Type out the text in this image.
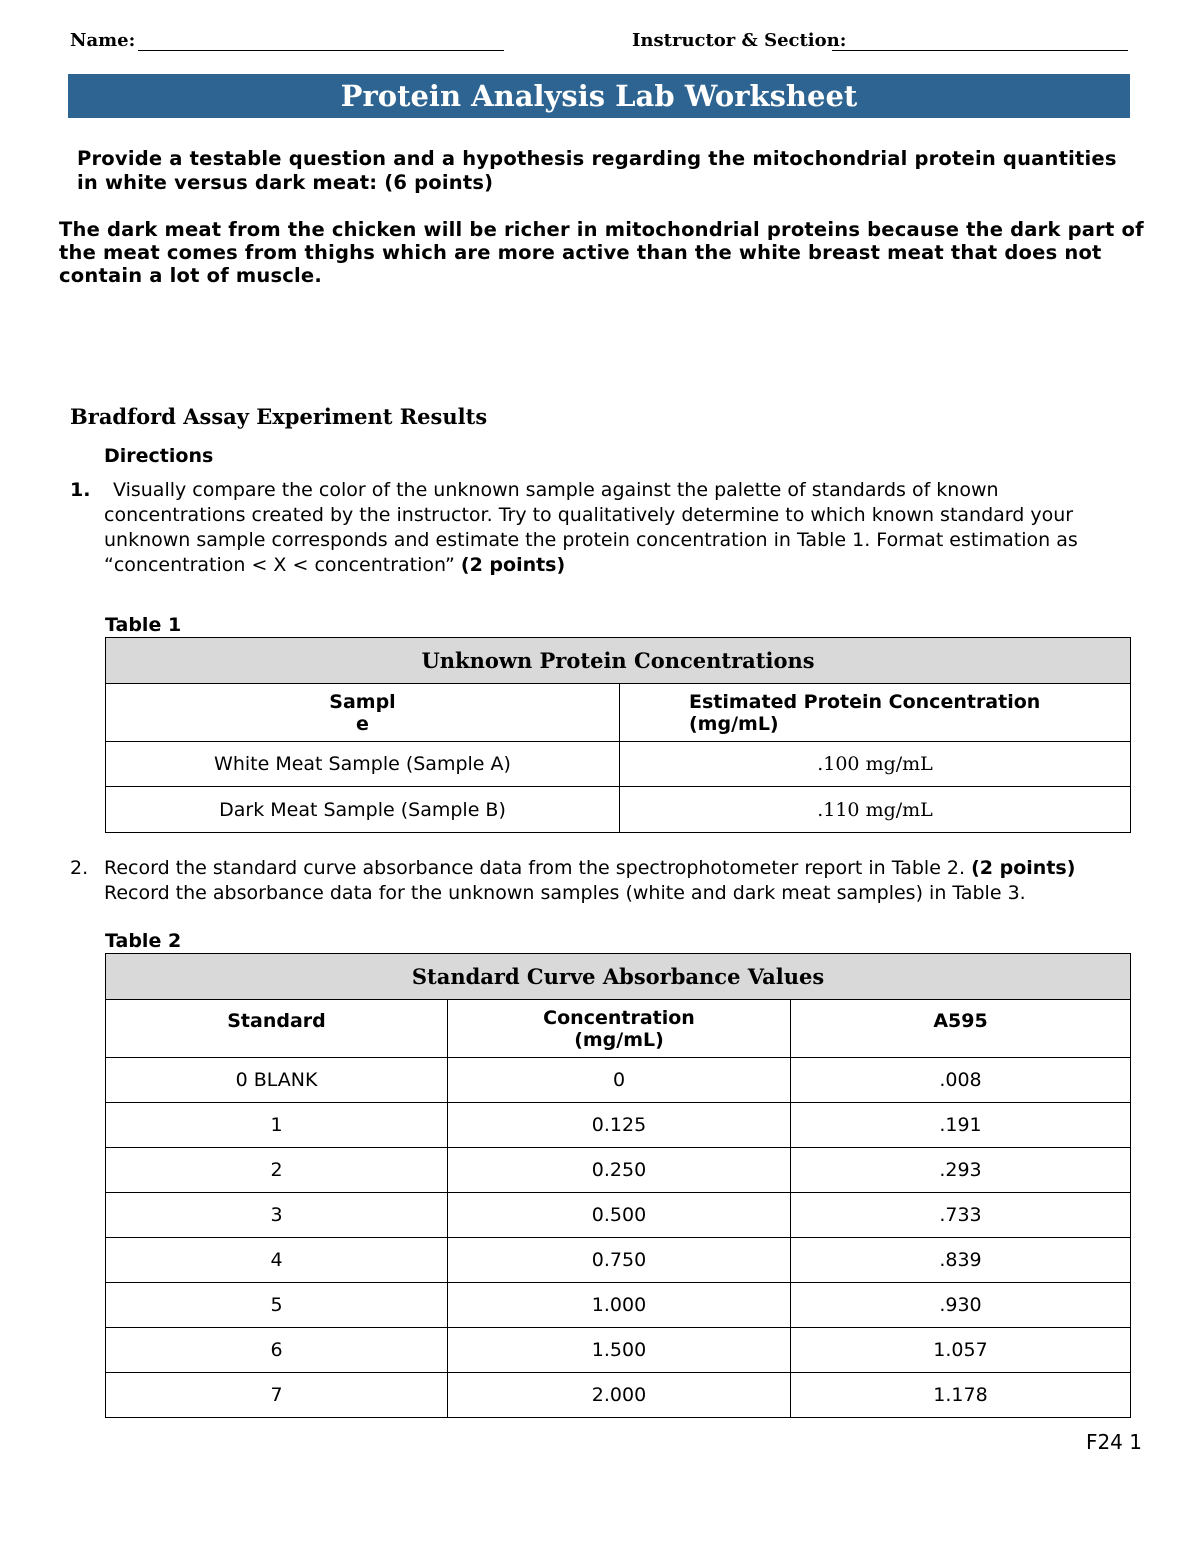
Name:	Instructor & Section:
Protein Analysis Lab Worksheet
Provide a testable question and a hypothesis regarding the mitochondrial protein quantities in white versus dark meat: (6 points)
The dark meat from the chicken will be richer in mitochondrial proteins because the dark part of the meat comes from thighs which are more active than the white breast meat that does not contain a lot of muscle.
Bradford Assay Experiment Results
Directions
1.	Visually compare the color of the unknown sample against the palette of standards of known concentrations created by the instructor. Try to qualitatively determine to which known standard your unknown sample corresponds and estimate the protein concentration in Table 1. Format estimation as “concentration < X < concentration” (2 points)
Table 1
Unknown Protein Concentrations	

Sampl e	Estimated Protein Concentration (mg/mL)

White Meat Sample (Sample A)	.100 mg/mL
Dark Meat Sample (Sample B)	.110 mg/mL
2. Record the standard curve absorbance data from the spectrophotometer report in Table 2. (2 points)
Record the absorbance data for the unknown samples (white and dark meat samples) in Table 3.
Table 2
Standard Curve Absorbance Values		
Standard	Concentration (mg/mL)	A595
0 BLANK	0	.008
1	0.125	.191
2	0.250	.293
3	0.500	.733
4	0.750	.839
5	1.000	.930
6	1.500	1.057
7	2.000	1.178
F24 1
